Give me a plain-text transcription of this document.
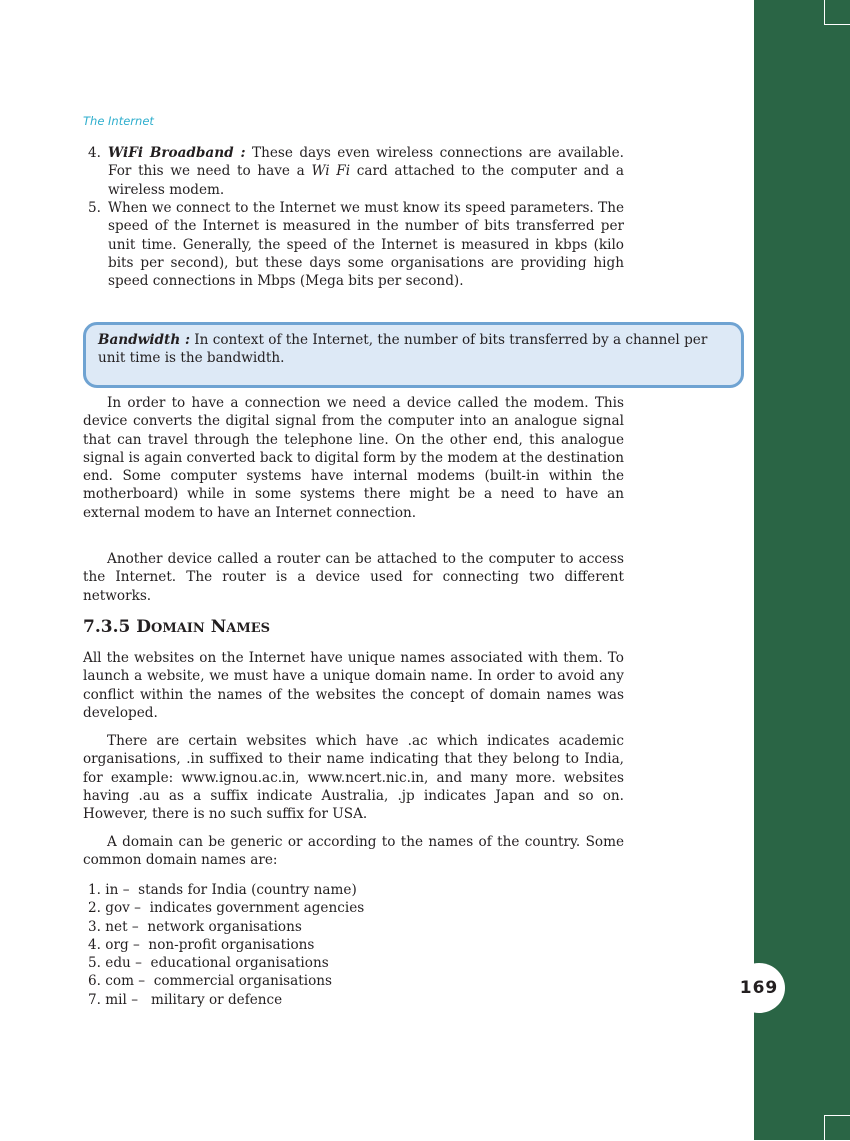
169
The Internet
4. WiFi Broadband : These days even wireless connections are available. For this we need to have a Wi Fi card attached to the computer and a wireless modem.
5. When we connect to the Internet we must know its speed parameters. The speed of the Internet is measured in the number of bits transferred per unit time. Generally, the speed of the Internet is measured in kbps (kilo bits per second), but these days some organisations are providing high speed connections in Mbps (Mega bits per second).
Bandwidth : In context of the Internet, the number of bits transferred by a channel per unit time is the bandwidth.
In order to have a connection we need a device called the modem. This device converts the digital signal from the computer into an analogue signal that can travel through the telephone line. On the other end, this analogue signal is again converted back to digital form by the modem at the destination end. Some computer systems have internal modems (built-in within the motherboard) while in some systems there might be a need to have an external modem to have an Internet connection.
Another device called a router can be attached to the computer to access the Internet. The router is a device used for connecting two different networks.
7.3.5 DOMAIN NAMES
All the websites on the Internet have unique names associated with them. To launch a website, we must have a unique domain name. In order to avoid any conflict within the names of the websites the concept of domain names was developed.
There are certain websites which have .ac which indicates academic organisations, .in suffixed to their name indicating that they belong to India, for example: www.ignou.ac.in, www.ncert.nic.in, and many more. websites having .au as a suffix indicate Australia, .jp indicates Japan and so on. However, there is no such suffix for USA.
A domain can be generic or according to the names of the country. Some common domain names are:
1. in –  stands for India (country name)
2. gov –  indicates government agencies
3. net –  network organisations
4. org –  non-profit organisations
5. edu –  educational organisations
6. com –  commercial organisations
7. mil –   military or defence
